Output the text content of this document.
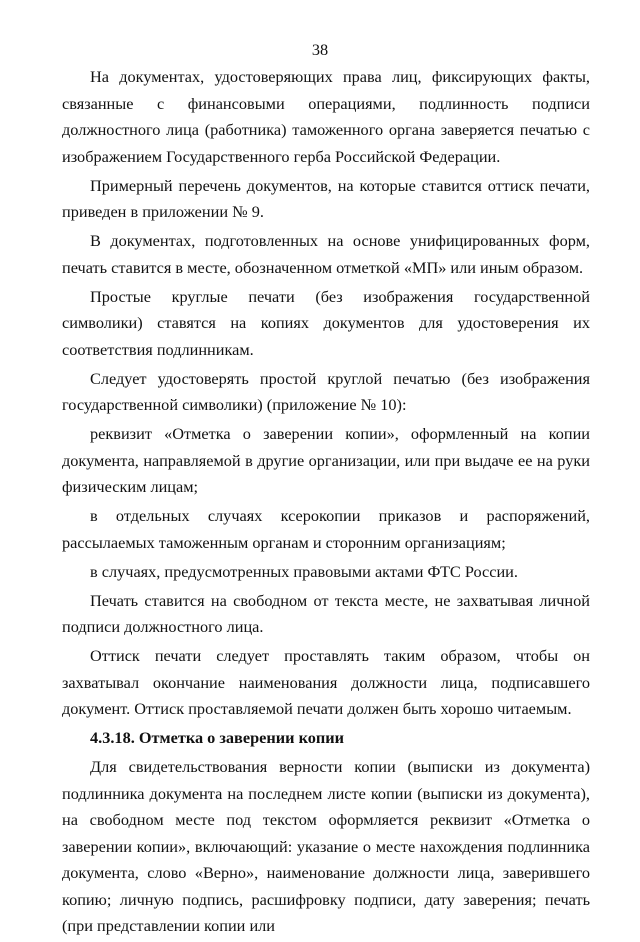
38

На документах, удостоверяющих права лиц, фиксирующих факты, связанные с финансовыми операциями, подлинность подписи должностного лица (работника) таможенного органа заверяется печатью с изображением Государственного герба Российской Федерации.

Примерный перечень документов, на которые ставится оттиск печати, приведен в приложении № 9.

В документах, подготовленных на основе унифицированных форм, печать ставится в месте, обозначенном отметкой «МП» или иным образом.

Простые круглые печати (без изображения государственной символики) ставятся на копиях документов для удостоверения их соответствия подлинникам.

Следует удостоверять простой круглой печатью (без изображения государственной символики) (приложение № 10):

реквизит «Отметка о заверении копии», оформленный на копии документа, направляемой в другие организации, или при выдаче ее на руки физическим лицам;

в отдельных случаях ксерокопии приказов и распоряжений, рассылаемых таможенным органам и сторонним организациям;

в случаях, предусмотренных правовыми актами ФТС России.

Печать ставится на свободном от текста месте, не захватывая личной подписи должностного лица.

Оттиск печати следует проставлять таким образом, чтобы он захватывал окончание наименования должности лица, подписавшего документ. Оттиск проставляемой печати должен быть хорошо читаемым.

4.3.18. Отметка о заверении копии

Для свидетельствования верности копии (выписки из документа) подлинника документа на последнем листе копии (выписки из документа), на свободном месте под текстом оформляется реквизит «Отметка о заверении копии», включающий: указание о месте нахождения подлинника документа, слово «Верно», наименование должности лица, заверившего копию; личную подпись, расшифровку подписи, дату заверения; печать (при представлении копии или
